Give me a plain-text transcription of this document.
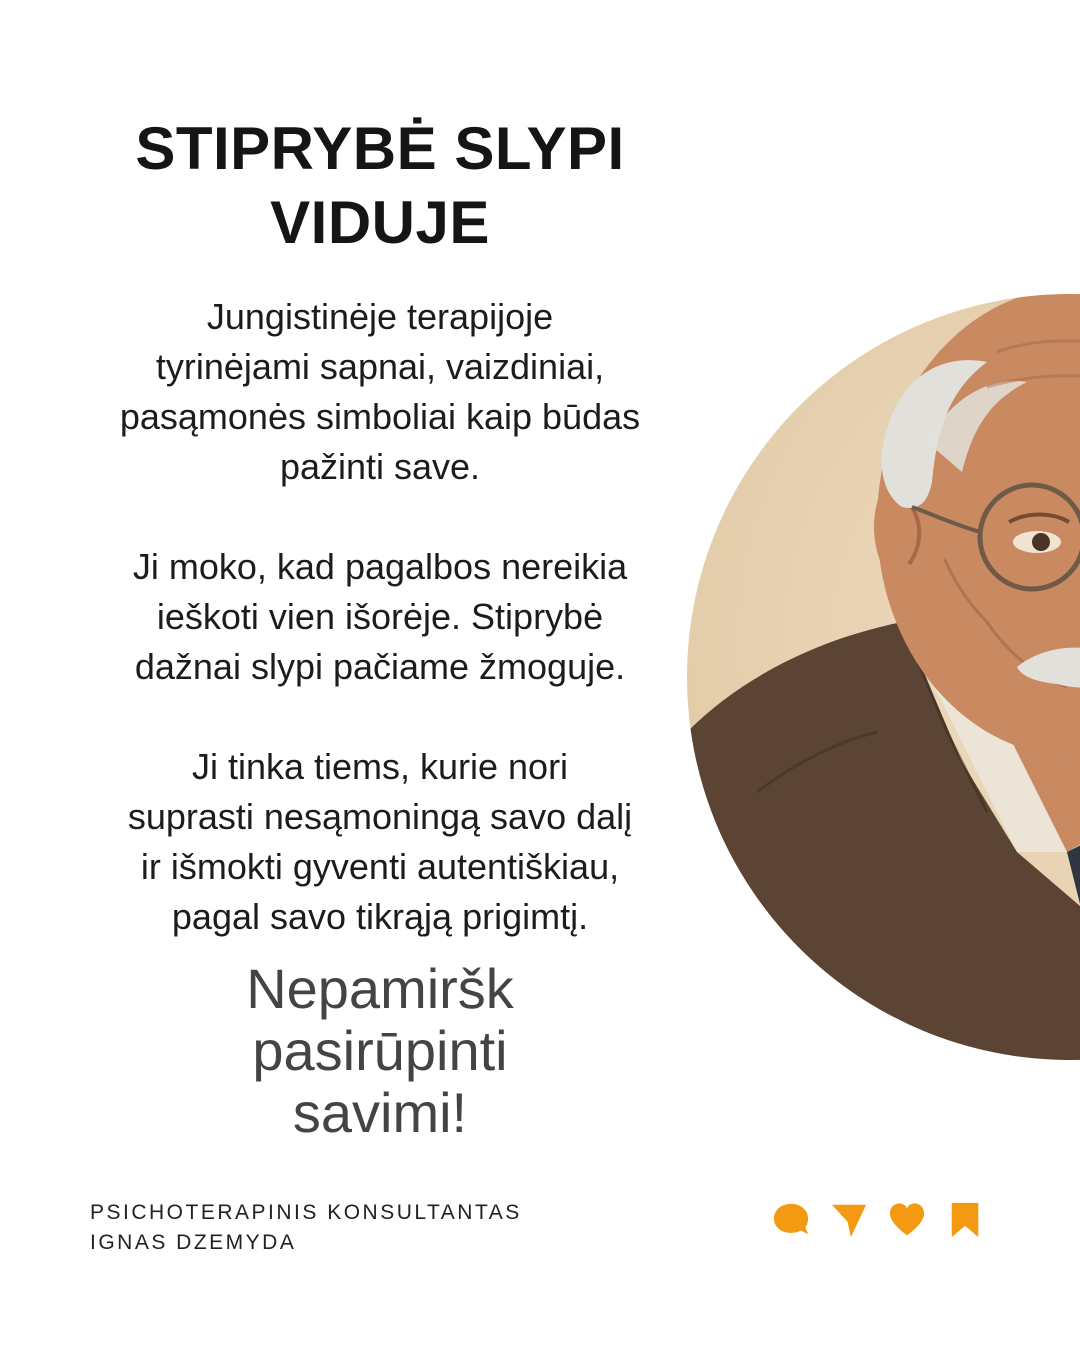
STIPRYBĖ SLYPI
VIDUJE

Jungistinėje terapijoje
tyrinėjami sapnai, vaizdiniai,
pasąmonės simboliai kaip būdas
pažinti save.

Ji moko, kad pagalbos nereikia
ieškoti vien išorėje. Stiprybė
dažnai slypi pačiame žmoguje.

Ji tinka tiems, kurie nori
suprasti nesąmoningą savo dalį
ir išmokti gyventi autentiškiau,
pagal savo tikrąją prigimtį.

Nepamiršk
pasirūpinti
savimi!
PSICHOTERAPINIS KONSULTANTAS
IGNAS DZEMYDA
